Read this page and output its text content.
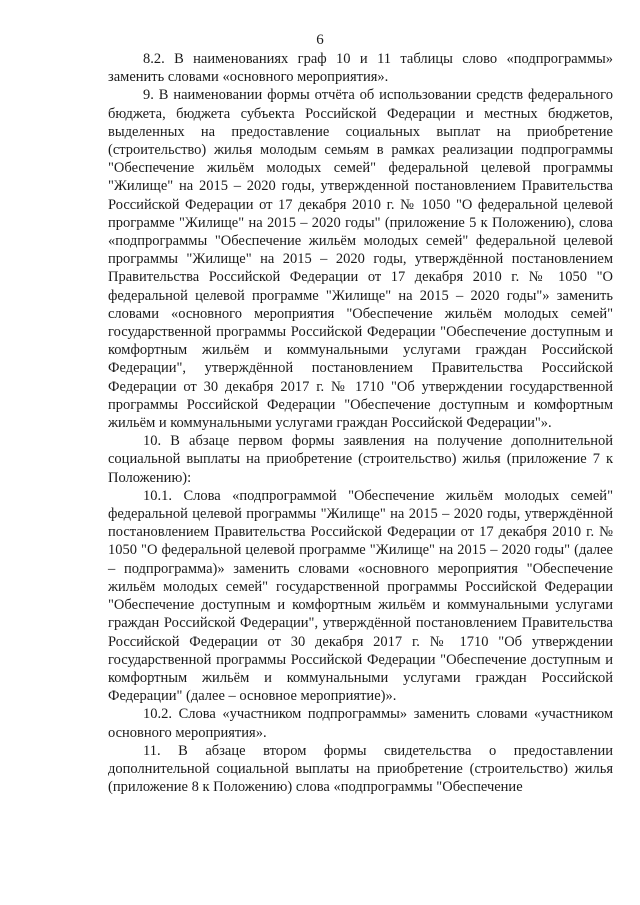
6

8.2. В наименованиях граф 10 и 11 таблицы слово «подпрограммы» заменить словами «основного мероприятия».

9. В наименовании формы отчёта об использовании средств федерального бюджета, бюджета субъекта Российской Федерации и местных бюджетов, выделенных на предоставление социальных выплат на приобретение (строительство) жилья молодым семьям в рамках реализации подпрограммы "Обеспечение жильём молодых семей" федеральной целевой программы "Жилище" на 2015 – 2020 годы, утвержденной постановлением Правительства Российской Федерации от 17 декабря 2010 г. № 1050 "О федеральной целевой программе "Жилище" на 2015 – 2020 годы" (приложение 5 к Положению), слова «подпрограммы "Обеспечение жильём молодых семей" федеральной целевой программы "Жилище" на 2015 – 2020 годы, утверждённой постановлением Правительства Российской Федерации от 17 декабря 2010 г. № 1050 "О федеральной целевой программе "Жилище" на 2015 – 2020 годы"» заменить словами «основного мероприятия "Обеспечение жильём молодых семей" государственной программы Российской Федерации "Обеспечение доступным и комфортным жильём и коммунальными услугами граждан Российской Федерации", утверждённой постановлением Правительства Российской Федерации от 30 декабря 2017 г. № 1710 "Об утверждении государственной программы Российской Федерации "Обеспечение доступным и комфортным жильём и коммунальными услугами граждан Российской Федерации"».

10. В абзаце первом формы заявления на получение дополнительной социальной выплаты на приобретение (строительство) жилья (приложение 7 к Положению):

10.1. Слова «подпрограммой "Обеспечение жильём молодых семей" федеральной целевой программы "Жилище" на 2015 – 2020 годы, утверждённой постановлением Правительства Российской Федерации от 17 декабря 2010 г. № 1050 "О федеральной целевой программе "Жилище" на 2015 – 2020 годы" (далее – подпрограмма)» заменить словами «основного мероприятия "Обеспечение жильём молодых семей" государственной программы Российской Федерации "Обеспечение доступным и комфортным жильём и коммунальными услугами граждан Российской Федерации", утверждённой постановлением Правительства Российской Федерации от 30 декабря 2017 г. № 1710 "Об утверждении государственной программы Российской Федерации "Обеспечение доступным и комфортным жильём и коммунальными услугами граждан Российской Федерации" (далее – основное мероприятие)».

10.2. Слова «участником подпрограммы» заменить словами «участником основного мероприятия».

11. В абзаце втором формы свидетельства о предоставлении дополнительной социальной выплаты на приобретение (строительство) жилья (приложение 8 к Положению) слова «подпрограммы "Обеспечение
